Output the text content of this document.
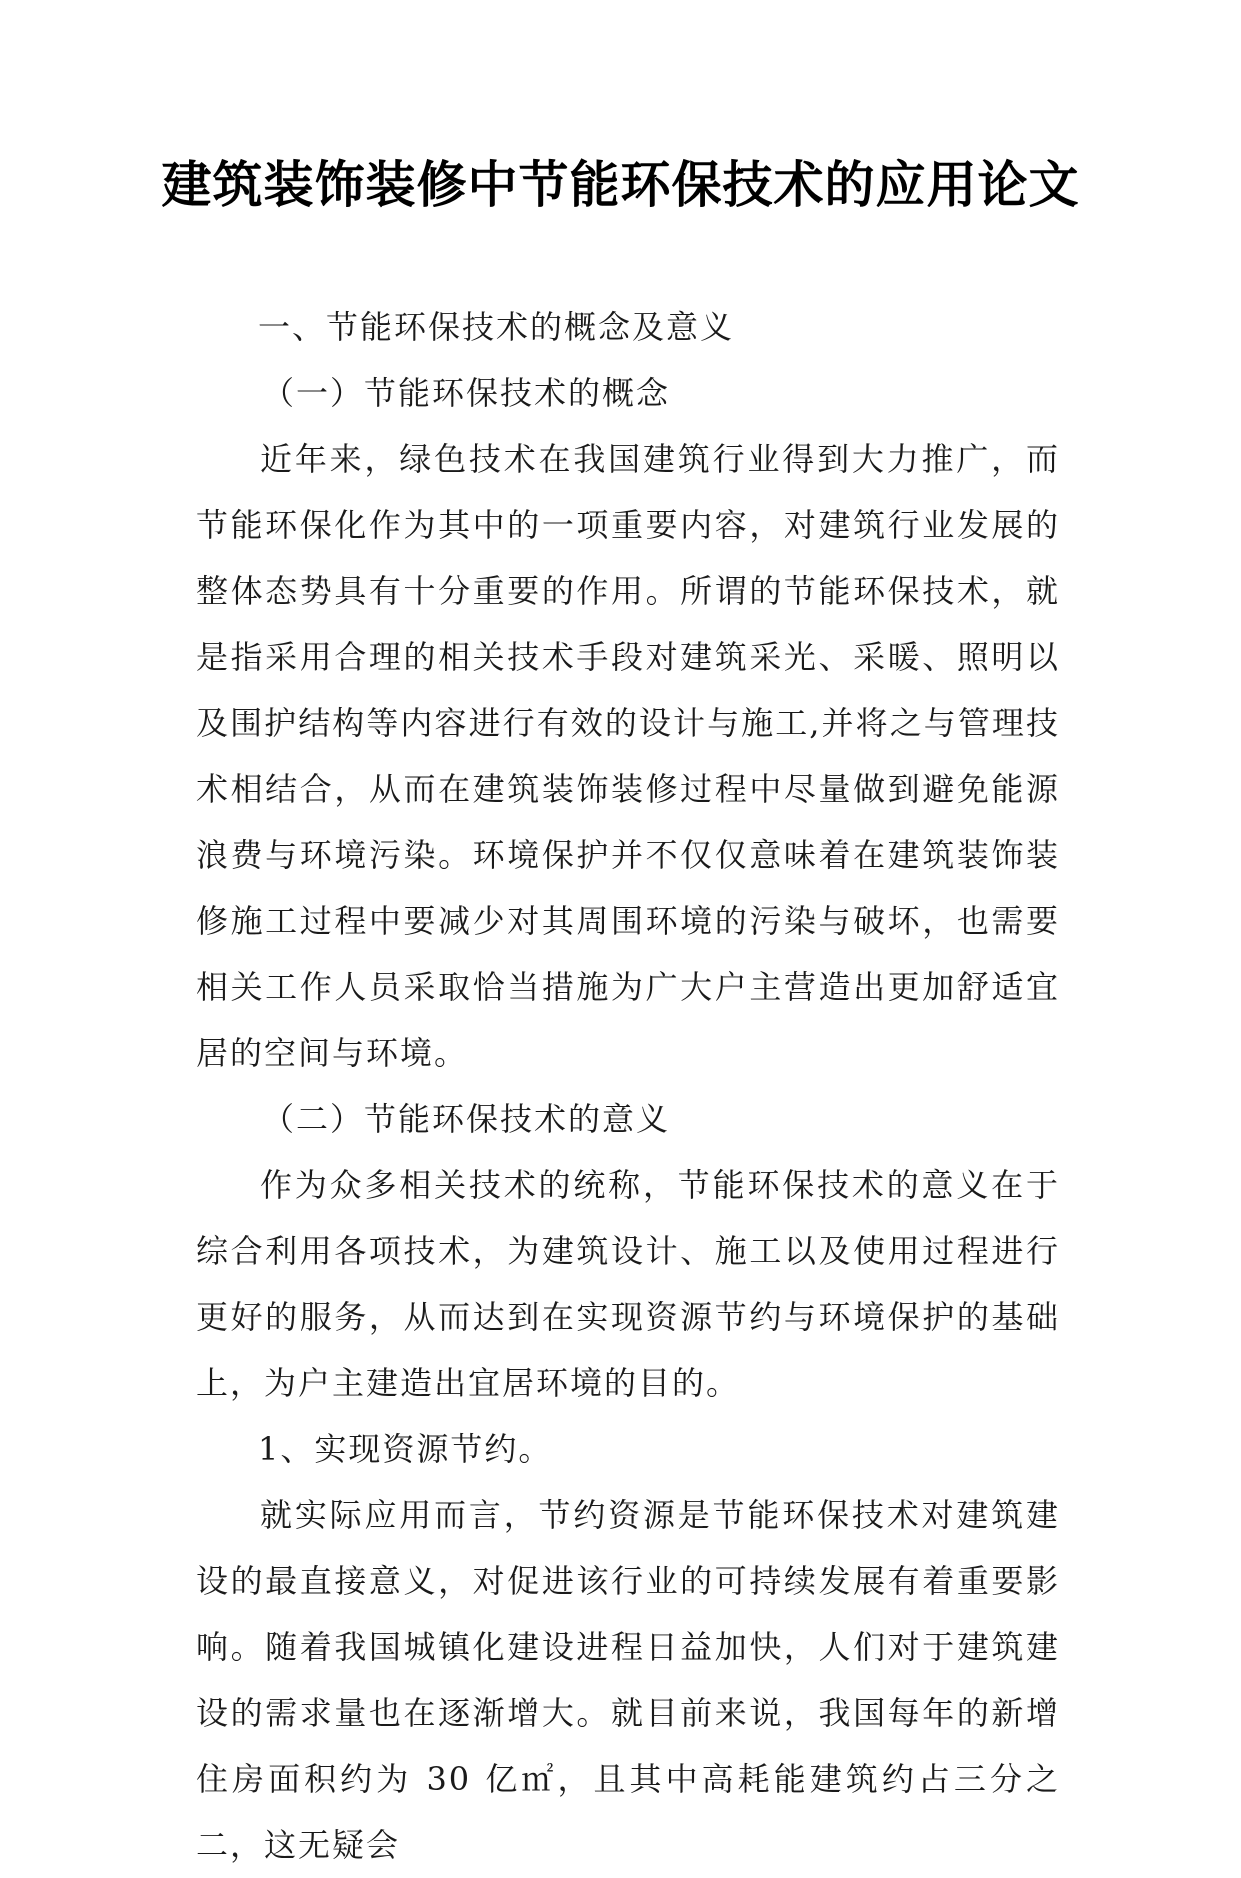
建筑装饰装修中节能环保技术的应用论文

一、节能环保技术的概念及意义

（一）节能环保技术的概念

近年来，绿色技术在我国建筑行业得到大力推广，而节能环保化作为其中的一项重要内容，对建筑行业发展的整体态势具有十分重要的作用。所谓的节能环保技术，就是指采用合理的相关技术手段对建筑采光、采暖、照明以及围护结构等内容进行有效的设计与施工,并将之与管理技术相结合，从而在建筑装饰装修过程中尽量做到避免能源浪费与环境污染。环境保护并不仅仅意味着在建筑装饰装修施工过程中要减少对其周围环境的污染与破坏，也需要相关工作人员采取恰当措施为广大户主营造出更加舒适宜居的空间与环境。

（二）节能环保技术的意义

作为众多相关技术的统称，节能环保技术的意义在于综合利用各项技术，为建筑设计、施工以及使用过程进行更好的服务，从而达到在实现资源节约与环境保护的基础上，为户主建造出宜居环境的目的。

1、实现资源节约。

就实际应用而言，节约资源是节能环保技术对建筑建设的最直接意义，对促进该行业的可持续发展有着重要影响。随着我国城镇化建设进程日益加快，人们对于建筑建设的需求量也在逐渐增大。就目前来说，我国每年的新增住房面积约为 30 亿㎡，且其中高耗能建筑约占三分之二，这无疑会
